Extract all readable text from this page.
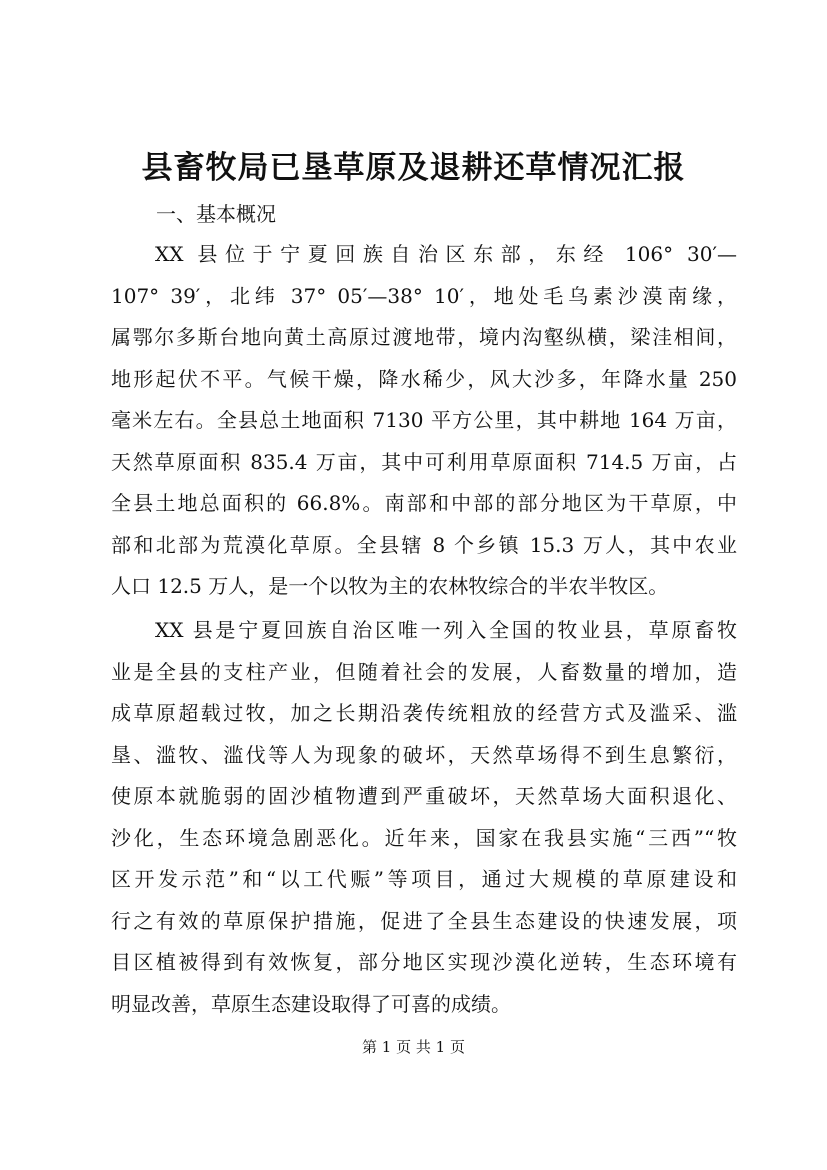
县畜牧局已垦草原及退耕还草情况汇报

一、基本概况

XX 县位于宁夏回族自治区东部，东经 106° 30′—
107° 39′，北纬 37° 05′—38° 10′，地处毛乌素沙漠南缘，
属鄂尔多斯台地向黄土高原过渡地带，境内沟壑纵横，梁洼相间，
地形起伏不平。气候干燥，降水稀少，风大沙多，年降水量 250
毫米左右。全县总土地面积 7130 平方公里，其中耕地 164 万亩，
天然草原面积 835.4 万亩，其中可利用草原面积 714.5 万亩，占
全县土地总面积的 66.8%。南部和中部的部分地区为干草原，中
部和北部为荒漠化草原。全县辖 8 个乡镇 15.3 万人，其中农业
人口 12.5 万人，是一个以牧为主的农林牧综合的半农半牧区。
XX 县是宁夏回族自治区唯一列入全国的牧业县，草原畜牧
业是全县的支柱产业，但随着社会的发展，人畜数量的增加，造
成草原超载过牧，加之长期沿袭传统粗放的经营方式及滥采、滥
垦、滥牧、滥伐等人为现象的破坏，天然草场得不到生息繁衍，
使原本就脆弱的固沙植物遭到严重破坏，天然草场大面积退化、
沙化，生态环境急剧恶化。近年来，国家在我县实施“三西”“牧
区开发示范”和“以工代赈”等项目，通过大规模的草原建设和
行之有效的草原保护措施，促进了全县生态建设的快速发展，项
目区植被得到有效恢复，部分地区实现沙漠化逆转，生态环境有
明显改善，草原生态建设取得了可喜的成绩。
第 1 页 共 1 页
